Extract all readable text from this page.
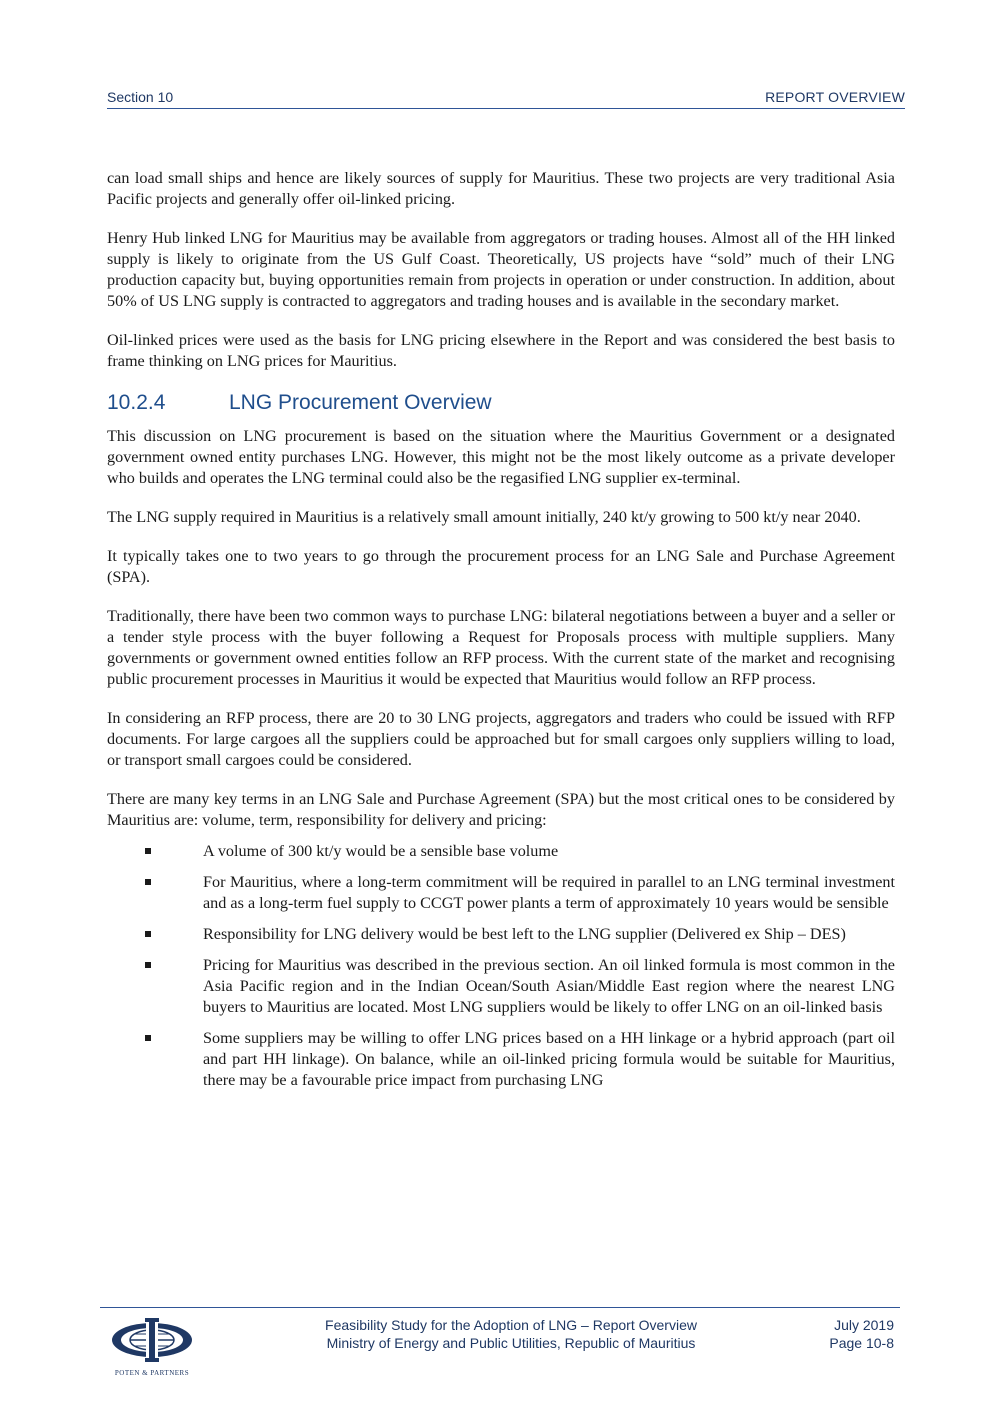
Section 10	REPORT OVERVIEW

can load small ships and hence are likely sources of supply for Mauritius. These two projects are very traditional Asia Pacific projects and generally offer oil-linked pricing.

Henry Hub linked LNG for Mauritius may be available from aggregators or trading houses. Almost all of the HH linked supply is likely to originate from the US Gulf Coast. Theoretically, US projects have “sold” much of their LNG production capacity but, buying opportunities remain from projects in operation or under construction. In addition, about 50% of US LNG supply is contracted to aggregators and trading houses and is available in the secondary market.

Oil-linked prices were used as the basis for LNG pricing elsewhere in the Report and was considered the best basis to frame thinking on LNG prices for Mauritius.

10.2.4	LNG Procurement Overview

This discussion on LNG procurement is based on the situation where the Mauritius Government or a designated government owned entity purchases LNG. However, this might not be the most likely outcome as a private developer who builds and operates the LNG terminal could also be the regasified LNG supplier ex-terminal.

The LNG supply required in Mauritius is a relatively small amount initially, 240 kt/y growing to 500 kt/y near 2040.

It typically takes one to two years to go through the procurement process for an LNG Sale and Purchase Agreement (SPA).

Traditionally, there have been two common ways to purchase LNG: bilateral negotiations between a buyer and a seller or a tender style process with the buyer following a Request for Proposals process with multiple suppliers. Many governments or government owned entities follow an RFP process. With the current state of the market and recognising public procurement processes in Mauritius it would be expected that Mauritius would follow an RFP process.

In considering an RFP process, there are 20 to 30 LNG projects, aggregators and traders who could be issued with RFP documents. For large cargoes all the suppliers could be approached but for small cargoes only suppliers willing to load, or transport small cargoes could be considered.

There are many key terms in an LNG Sale and Purchase Agreement (SPA) but the most critical ones to be considered by Mauritius are: volume, term, responsibility for delivery and pricing:

A volume of 300 kt/y would be a sensible base volume
For Mauritius, where a long-term commitment will be required in parallel to an LNG terminal investment and as a long-term fuel supply to CCGT power plants a term of approximately 10 years would be sensible
Responsibility for LNG delivery would be best left to the LNG supplier (Delivered ex Ship – DES)
Pricing for Mauritius was described in the previous section. An oil linked formula is most common in the Asia Pacific region and in the Indian Ocean/South Asian/Middle East region where the nearest LNG buyers to Mauritius are located. Most LNG suppliers would be likely to offer LNG on an oil-linked basis
Some suppliers may be willing to offer LNG prices based on a HH linkage or a hybrid approach (part oil and part HH linkage). On balance, while an oil-linked pricing formula would be suitable for Mauritius, there may be a favourable price impact from purchasing LNG
POTEN & PARTNERS
Feasibility Study for the Adoption of LNG – Report Overview
Ministry of Energy and Public Utilities, Republic of Mauritius
July 2019
Page 10-8
